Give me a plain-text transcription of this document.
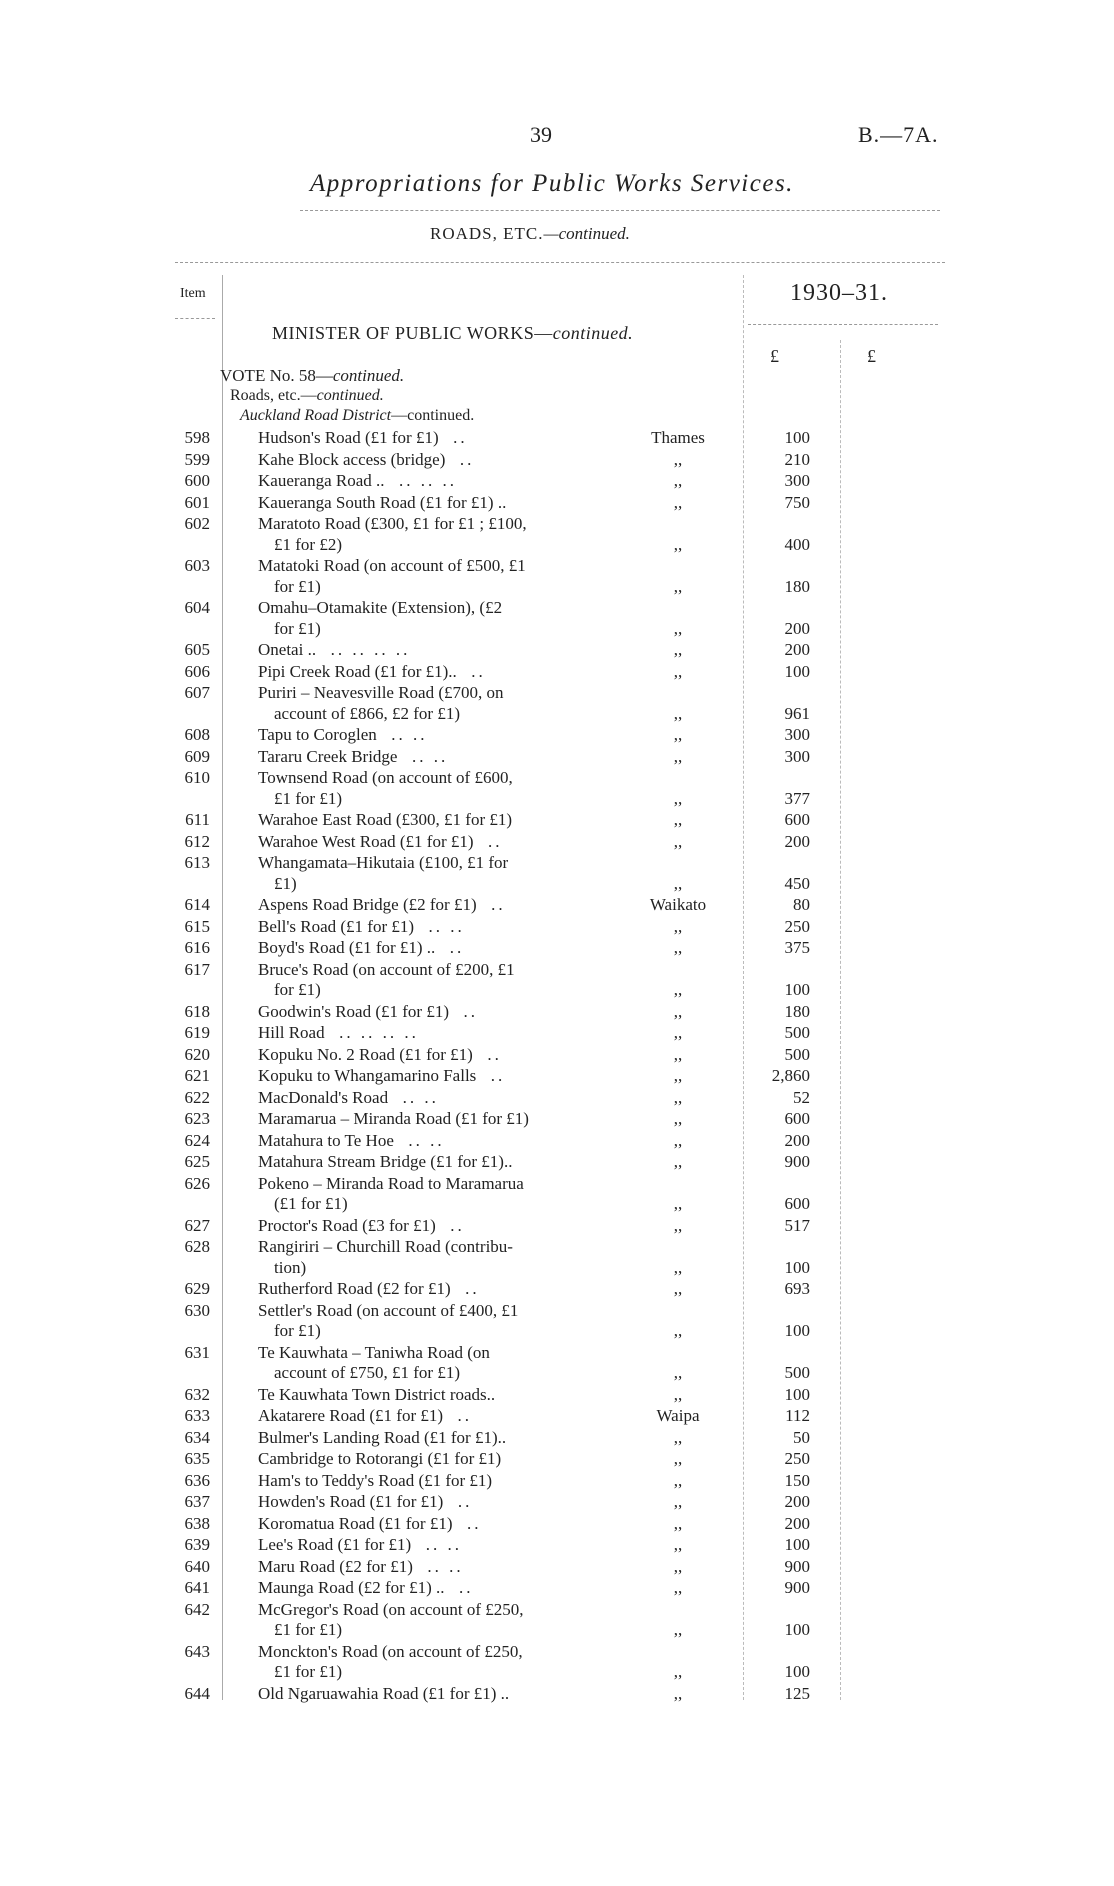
39	B.—7A.
Appropriations for Public Works Services.
ROADS, ETC.—continued.
Item	1930–31.
MINISTER OF PUBLIC WORKS—continued.
£	£
VOTE No. 58—continued.
Roads, etc.—continued.
Auckland Road District—continued.
598	Hudson's Road (£1 for £1)  ..	Thames	100
599	Kahe Block access (bridge)  ..	,,	210
600	Kaueranga Road ..  .. .. ..	,,	300
601	Kaueranga South Road (£1 for £1) ..	,,	750
602	Maratoto Road (£300, £1 for £1 ; £100,
£1 for £2)	,,	400
603	Matatoki Road (on account of £500, £1
for £1)	,,	180
604	Omahu–Otamakite (Extension), (£2
for £1)	,,	200
605	Onetai ..  .. .. .. ..	,,	200
606	Pipi Creek Road (£1 for £1)..  ..	,,	100
607	Puriri – Neavesville Road (£700, on
account of £866, £2 for £1)	,,	961
608	Tapu to Coroglen  .. ..	,,	300
609	Tararu Creek Bridge  .. ..	,,	300
610	Townsend Road (on account of £600,
£1 for £1)	,,	377
611	Warahoe East Road (£300, £1 for £1)	,,	600
612	Warahoe West Road (£1 for £1)  ..	,,	200
613	Whangamata–Hikutaia (£100, £1 for
£1)	,,	450
614	Aspens Road Bridge (£2 for £1)  ..	Waikato	80
615	Bell's Road (£1 for £1)  .. ..	,,	250
616	Boyd's Road (£1 for £1) ..  ..	,,	375
617	Bruce's Road (on account of £200, £1
for £1)	,,	100
618	Goodwin's Road (£1 for £1)  ..	,,	180
619	Hill Road  .. .. .. ..	,,	500
620	Kopuku No. 2 Road (£1 for £1)  ..	,,	500
621	Kopuku to Whangamarino Falls  ..	,,	2,860
622	MacDonald's Road  .. ..	,,	52
623	Maramarua – Miranda Road (£1 for £1)	,,	600
624	Matahura to Te Hoe  .. ..	,,	200
625	Matahura Stream Bridge (£1 for £1)..	,,	900
626	Pokeno – Miranda Road to Maramarua
(£1 for £1)	,,	600
627	Proctor's Road (£3 for £1)  ..	,,	517
628	Rangiriri – Churchill Road (contribu-
tion)	,,	100
629	Rutherford Road (£2 for £1)  ..	,,	693
630	Settler's Road (on account of £400, £1
for £1)	,,	100
631	Te Kauwhata – Taniwha Road (on
account of £750, £1 for £1)	,,	500
632	Te Kauwhata Town District roads..	,,	100
633	Akatarere Road (£1 for £1)  ..	Waipa	112
634	Bulmer's Landing Road (£1 for £1)..	,,	50
635	Cambridge to Rotorangi (£1 for £1)	,,	250
636	Ham's to Teddy's Road (£1 for £1)	,,	150
637	Howden's Road (£1 for £1)  ..	,,	200
638	Koromatua Road (£1 for £1)  ..	,,	200
639	Lee's Road (£1 for £1)  .. ..	,,	100
640	Maru Road (£2 for £1)  .. ..	,,	900
641	Maunga Road (£2 for £1) ..  ..	,,	900
642	McGregor's Road (on account of £250,
£1 for £1)	,,	100
643	Monckton's Road (on account of £250,
£1 for £1)	,,	100
644	Old Ngaruawahia Road (£1 for £1) ..	,,	125
